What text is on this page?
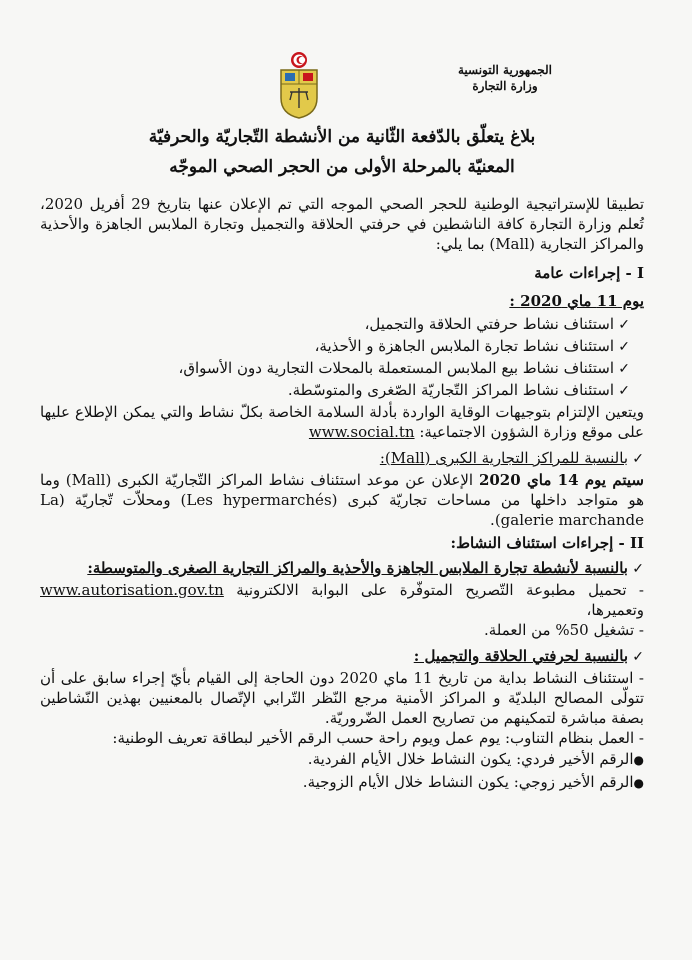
الجمهورية التونسية
وزارة التجارة
بلاغ يتعلّق بالدّفعة الثّانية من الأنشطة التّجاريّة والحرفيّة
المعنيّة بالمرحلة الأولى من الحجر الصحي الموجّه

تطبيقا للإستراتيجية الوطنية للحجر الصحي الموجه التي تم الإعلان عنها بتاريخ 29 أفريل 2020، تُعلم وزارة التجارة كافة الناشطين في حرفتي الحلاقة والتجميل وتجارة الملابس الجاهزة والأحذية والمراكز التجارية (Mall) بما يلي:

I - إجراءات عامة
يوم 11 ماي 2020 :
✓استئناف نشاط حرفتي الحلاقة والتجميل،
✓استئناف نشاط تجارة الملابس الجاهزة و الأحذية،
✓استئناف نشاط بيع الملابس المستعملة بالمحلات التجارية دون الأسواق،
✓استئناف نشاط المراكز التّجاريّة الصّغرى والمتوسّطة.

ويتعين الإلتزام بتوجيهات الوقاية الواردة بأدلة السلامة الخاصة بكلّ نشاط والتي يمكن الإطلاع عليها على موقع وزارة الشؤون الاجتماعية: www.social.tn

✓بالنسبة للمراكز التجارية الكبرى (Mall):

سيتم يوم 14 ماي 2020 الإعلان عن موعد استئناف نشاط المراكز التّجاريّة الكبرى (Mall) وما هو متواجد داخلها من مساحات تجاريّة كبرى (Les hypermarchés) ومحلاّت تّجاريّة (La galerie marchande).

II - إجراءات استئناف النشاط:
✓بالنسبة لأنشطة تجارة الملابس الجاهزة والأحذية والمراكز التجارية الصغرى والمتوسطة:

- تحميل مطبوعة التّصريح المتوفّرة على البوابة الالكترونية www.autorisation.gov.tn وتعميرها،

- تشغيل 50% من العملة.

✓بالنسبة لحرفتي الحلاقة والتجميل :

- استئناف النشاط بداية من تاريخ 11 ماي 2020 دون الحاجة إلى القيام بأيّ إجراء سابق على أن تتولّى المصالح البلديّة و المراكز الأمنية مرجع النّظر التّرابي الإتّصال بالمعنيين بهذين النّشاطين بصفة مباشرة لتمكينهم من تصاريح العمل الضّروريّة.

- العمل بنظام التناوب: يوم عمل ويوم راحة حسب الرقم الأخير لبطاقة تعريف الوطنية:

●الرقم الأخير فردي: يكون النشاط خلال الأيام الفردية.
●الرقم الأخير زوجي: يكون النشاط خلال الأيام الزوجية.
